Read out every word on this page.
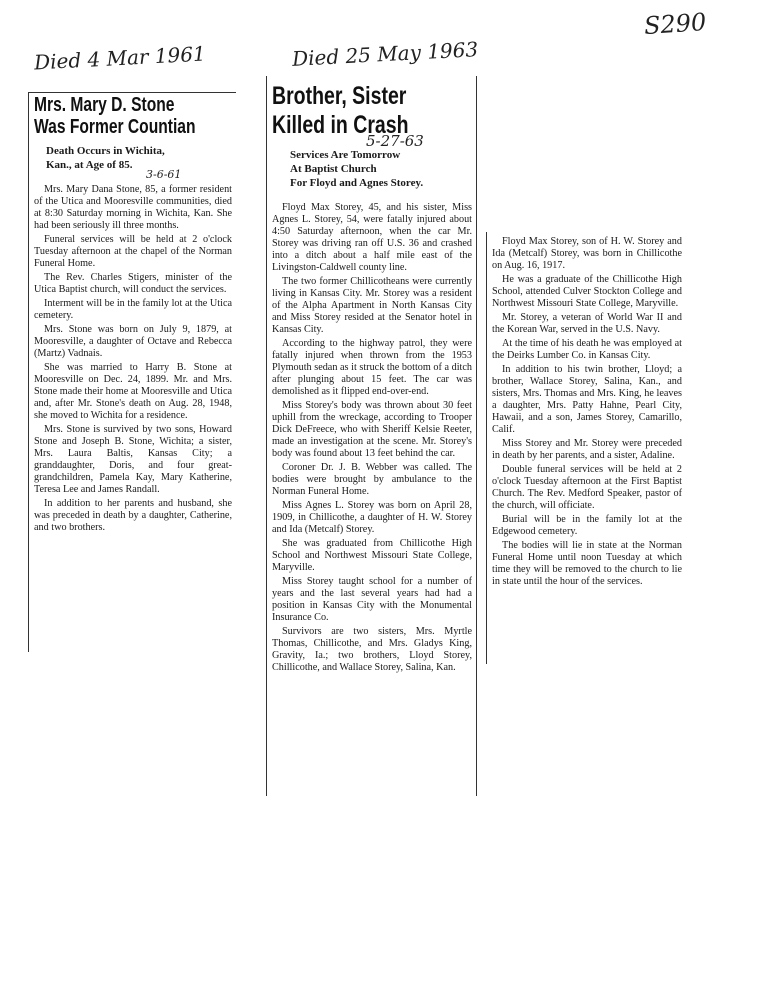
S290
Died 4 Mar 1961
Mrs. Mary D. Stone
Was Former Countian

Death Occurs in Wichita,

Kan., at Age of 85.

3-6-61

Mrs. Mary Dana Stone, 85, a former resident of the Utica and Mooresville communities, died at 8:30 Saturday morning in Wichita, Kan. She had been seriously ill three months.

Funeral services will be held at 2 o'clock Tuesday afternoon at the chapel of the Norman Funeral Home.

The Rev. Charles Stigers, minister of the Utica Baptist church, will conduct the services.

Interment will be in the family lot at the Utica cemetery.

Mrs. Stone was born on July 9, 1879, at Mooresville, a daughter of Octave and Rebecca (Martz) Vadnais.

She was married to Harry B. Stone at Mooresville on Dec. 24, 1899. Mr. and Mrs. Stone made their home at Mooresville and Utica and, after Mr. Stone's death on Aug. 28, 1948, she moved to Wichita for a residence.

Mrs. Stone is survived by two sons, Howard Stone and Joseph B. Stone, Wichita; a sister, Mrs. Laura Baltis, Kansas City; a granddaughter, Doris, and four great-grandchildren, Pamela Kay, Mary Katherine, Teresa Lee and James Randall.

In addition to her parents and husband, she was preceded in death by a daughter, Catherine, and two brothers.

Died 25 May 1963
Brother, Sister
Killed in Crash
5-27-63

Services Are Tomorrow

At Baptist Church

For Floyd and Agnes Storey.

Floyd Max Storey, 45, and his sister, Miss Agnes L. Storey, 54, were fatally injured about 4:50 Saturday afternoon, when the car Mr. Storey was driving ran off U.S. 36 and crashed into a ditch about a half mile east of the Livingston-Caldwell county line.

The two former Chillicotheans were currently living in Kansas City. Mr. Storey was a resident of the Alpha Apartment in North Kansas City and Miss Storey resided at the Senator hotel in Kansas City.

According to the highway patrol, they were fatally injured when thrown from the 1953 Plymouth sedan as it struck the bottom of a ditch after plunging about 15 feet. The car was demolished as it flipped end-over-end.

Miss Storey's body was thrown about 30 feet uphill from the wreckage, according to Trooper Dick DeFreece, who with Sheriff Kelsie Reeter, made an investigation at the scene. Mr. Storey's body was found about 13 feet behind the car.

Coroner Dr. J. B. Webber was called. The bodies were brought by ambulance to the Norman Funeral Home.

Miss Agnes L. Storey was born on April 28, 1909, in Chillicothe, a daughter of H. W. Storey and Ida (Metcalf) Storey.

She was graduated from Chillicothe High School and Northwest Missouri State College, Maryville.

Miss Storey taught school for a number of years and the last several years had had a position in Kansas City with the Monumental Insurance Co.

Survivors are two sisters, Mrs. Myrtle Thomas, Chillicothe, and Mrs. Gladys King, Gravity, Ia.; two brothers, Lloyd Storey, Chillicothe, and Wallace Storey, Salina, Kan.

Floyd Max Storey, son of H. W. Storey and Ida (Metcalf) Storey, was born in Chillicothe on Aug. 16, 1917.

He was a graduate of the Chillicothe High School, attended Culver Stockton College and Northwest Missouri State College, Maryville.

Mr. Storey, a veteran of World War II and the Korean War, served in the U.S. Navy.

At the time of his death he was employed at the Deirks Lumber Co. in Kansas City.

In addition to his twin brother, Lloyd; a brother, Wallace Storey, Salina, Kan., and sisters, Mrs. Thomas and Mrs. King, he leaves a daughter, Mrs. Patty Hahne, Pearl City, Hawaii, and a son, James Storey, Camarillo, Calif.

Miss Storey and Mr. Storey were preceded in death by her parents, and a sister, Adaline.

Double funeral services will be held at 2 o'clock Tuesday afternoon at the First Baptist Church. The Rev. Medford Speaker, pastor of the church, will officiate.

Burial will be in the family lot at the Edgewood cemetery.

The bodies will lie in state at the Norman Funeral Home until noon Tuesday at which time they will be removed to the church to lie in state until the hour of the services.
